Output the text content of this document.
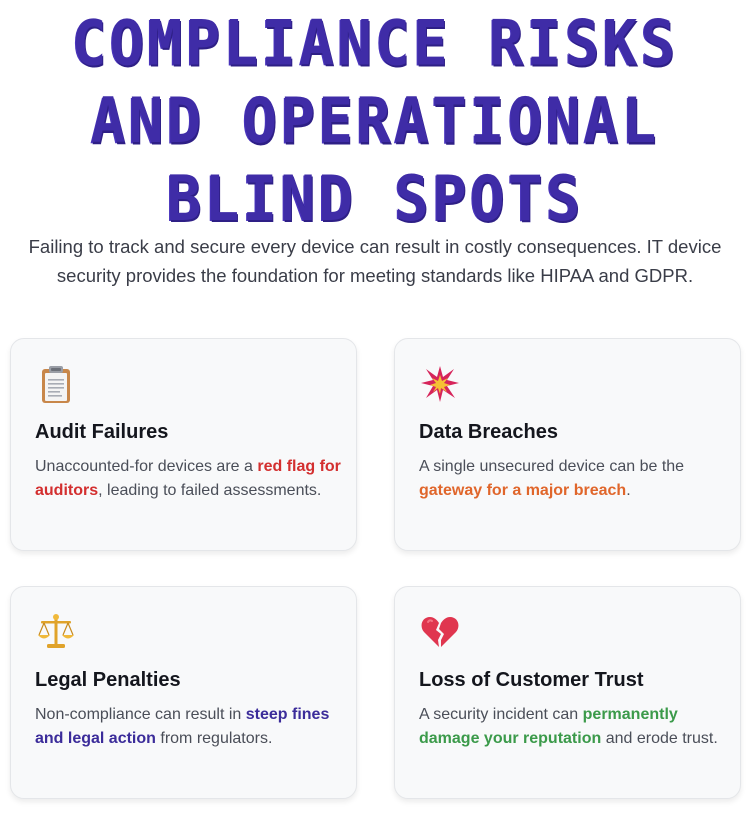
COMPLIANCE RISKS AND OPERATIONAL BLIND SPOTS
Failing to track and secure every device can result in costly consequences. IT device security provides the foundation for meeting standards like HIPAA and GDPR.
Audit Failures
Unaccounted-for devices are a red flag for auditors, leading to failed assessments.
Data Breaches
A single unsecured device can be the gateway for a major breach.
Legal Penalties
Non-compliance can result in steep fines and legal action from regulators.
Loss of Customer Trust
A security incident can permanently damage your reputation and erode trust.
